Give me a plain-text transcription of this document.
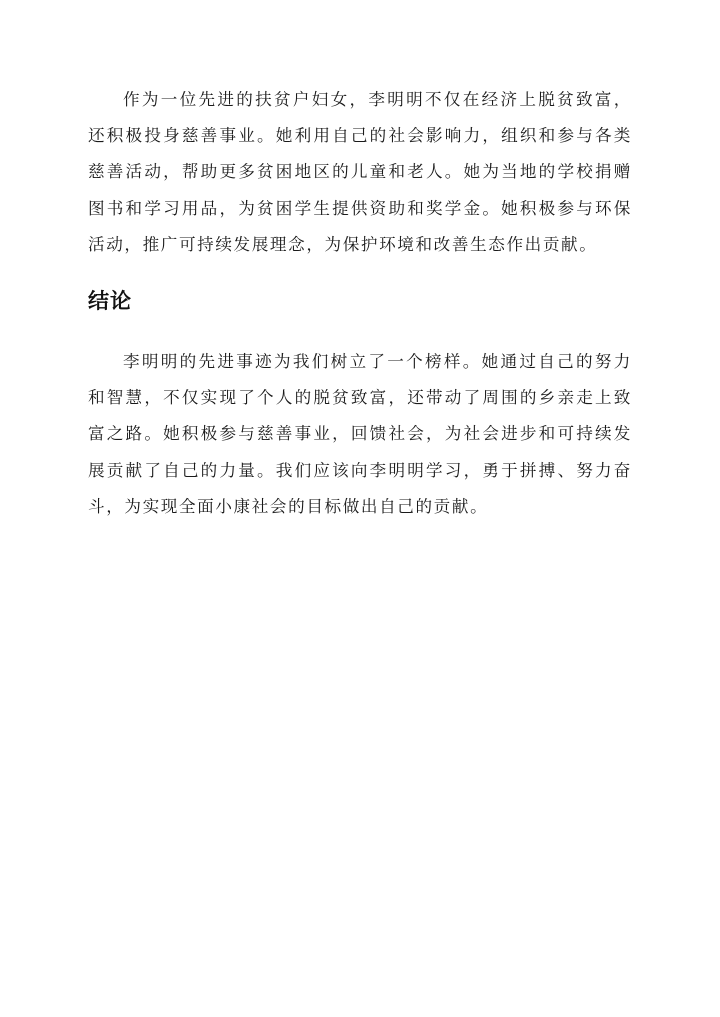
作为一位先进的扶贫户妇女，李明明不仅在经济上脱贫致富，
还积极投身慈善事业。她利用自己的社会影响力，组织和参与各类
慈善活动，帮助更多贫困地区的儿童和老人。她为当地的学校捐赠
图书和学习用品，为贫困学生提供资助和奖学金。她积极参与环保
活动，推广可持续发展理念，为保护环境和改善生态作出贡献。
结论
李明明的先进事迹为我们树立了一个榜样。她通过自己的努力
和智慧，不仅实现了个人的脱贫致富，还带动了周围的乡亲走上致
富之路。她积极参与慈善事业，回馈社会，为社会进步和可持续发
展贡献了自己的力量。我们应该向李明明学习，勇于拼搏、努力奋
斗，为实现全面小康社会的目标做出自己的贡献。
